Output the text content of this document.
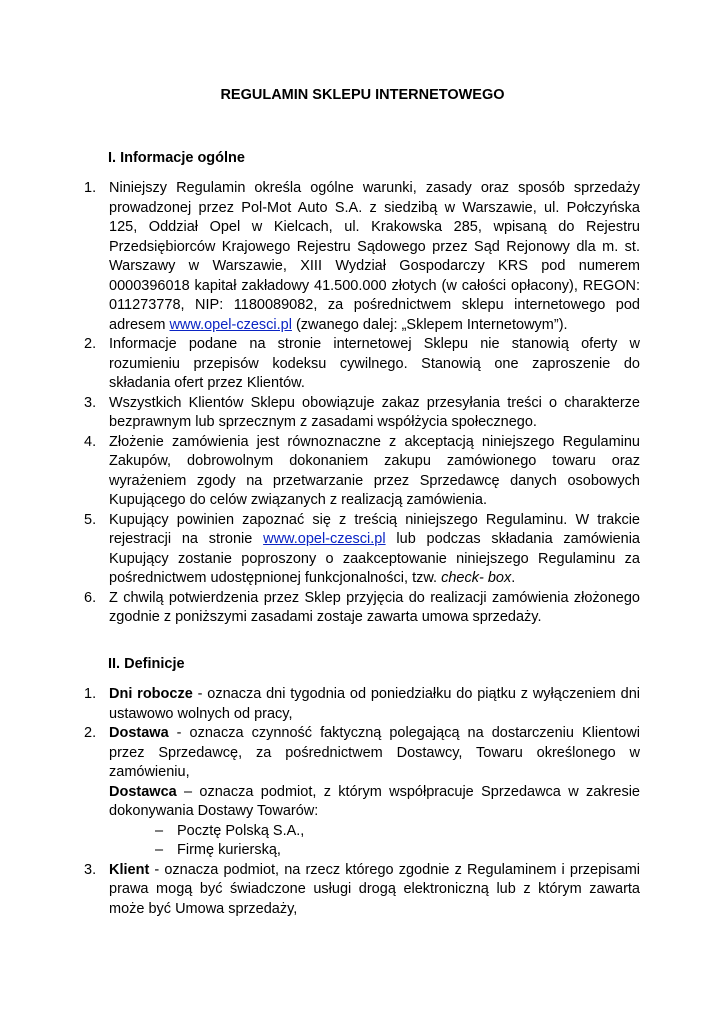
REGULAMIN SKLEPU INTERNETOWEGO
I. Informacje ogólne
1. Niniejszy Regulamin określa ogólne warunki, zasady oraz sposób sprzedaży
prowadzonej przez Pol-Mot Auto S.A. z siedzibą w Warszawie, ul. Połczyńska
125, Oddział Opel w Kielcach, ul. Krakowska 285, wpisaną do Rejestru
Przedsiębiorców Krajowego Rejestru Sądowego przez Sąd Rejonowy dla m. st.
Warszawy w Warszawie, XIII Wydział Gospodarczy KRS pod numerem
0000396018 kapitał zakładowy 41.500.000 złotych (w całości opłacony), REGON:
011273778, NIP: 1180089082, za pośrednictwem sklepu internetowego pod
adresem www.opel-czesci.pl (zwanego dalej: „Sklepem Internetowym”).
2. Informacje podane na stronie internetowej Sklepu nie stanowią oferty w
rozumieniu przepisów kodeksu cywilnego. Stanowią one zaproszenie do
składania ofert przez Klientów.
3. Wszystkich Klientów Sklepu obowiązuje zakaz przesyłania treści o charakterze
bezprawnym lub sprzecznym z zasadami współżycia społecznego.
4. Złożenie zamówienia jest równoznaczne z akceptacją niniejszego Regulaminu
Zakupów, dobrowolnym dokonaniem zakupu zamówionego towaru oraz
wyrażeniem zgody na przetwarzanie przez Sprzedawcę danych osobowych
Kupującego do celów związanych z realizacją zamówienia.
5. Kupujący powinien zapoznać się z treścią niniejszego Regulaminu. W trakcie
rejestracji na stronie www.opel-czesci.pl lub podczas składania zamówienia
Kupujący zostanie poproszony o zaakceptowanie niniejszego Regulaminu za
pośrednictwem udostępnionej funkcjonalności, tzw. check- box.
6. Z chwilą potwierdzenia przez Sklep przyjęcia do realizacji zamówienia złożonego
zgodnie z poniższymi zasadami zostaje zawarta umowa sprzedaży.
II. Definicje
1. Dni robocze - oznacza dni tygodnia od poniedziałku do piątku z wyłączeniem dni
ustawowo wolnych od pracy,
2. Dostawa - oznacza czynność faktyczną polegającą na dostarczeniu Klientowi
przez Sprzedawcę, za pośrednictwem Dostawcy, Towaru określonego w
zamówieniu,
Dostawca – oznacza podmiot, z którym współpracuje Sprzedawca w zakresie
dokonywania Dostawy Towarów:
– Pocztę Polską S.A.,
– Firmę kurierską,
3. Klient - oznacza podmiot, na rzecz którego zgodnie z Regulaminem i przepisami
prawa mogą być świadczone usługi drogą elektroniczną lub z którym zawarta
może być Umowa sprzedaży,
